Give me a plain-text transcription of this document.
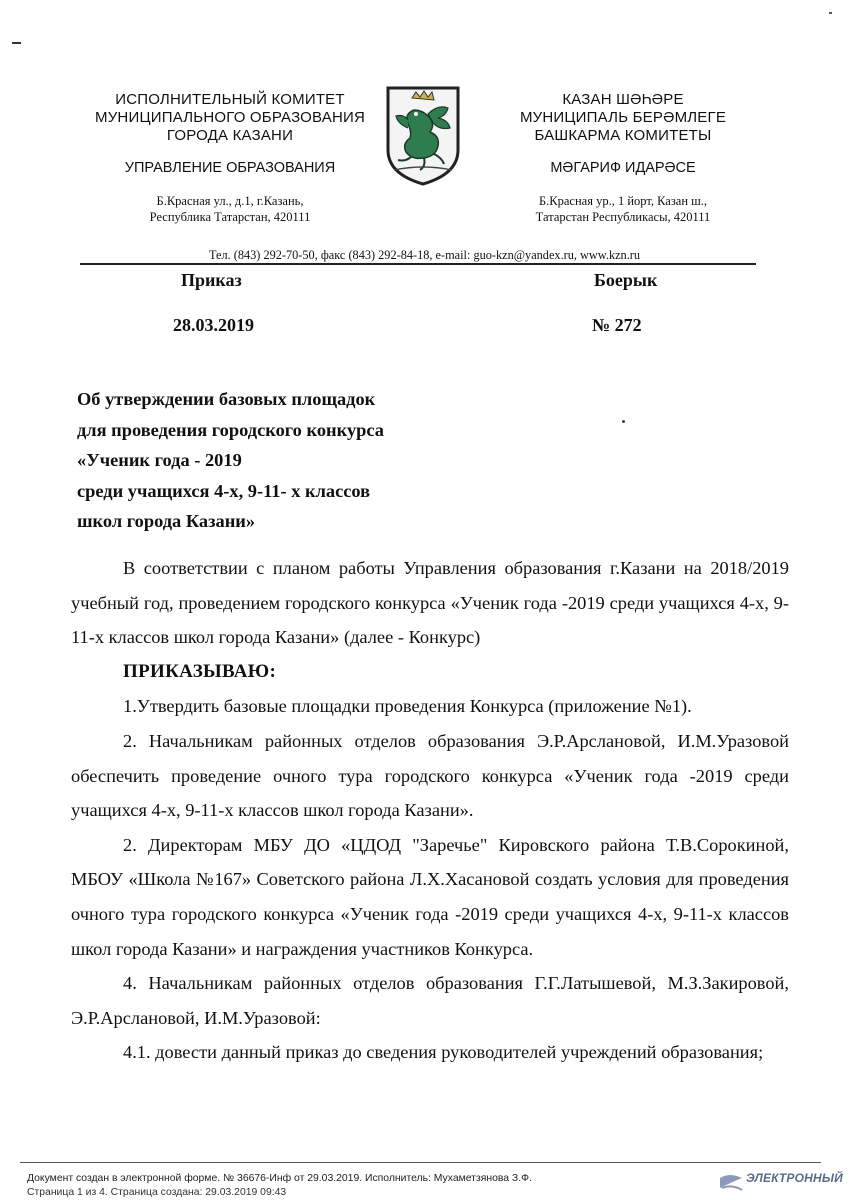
ИСПОЛНИТЕЛЬНЫЙ КОМИТЕТ
МУНИЦИПАЛЬНОГО ОБРАЗОВАНИЯ
ГОРОДА КАЗАНИ
УПРАВЛЕНИЕ ОБРАЗОВАНИЯ
Б.Красная ул., д.1, г.Казань,
Республика Татарстан, 420111
КАЗАН ШӘҺӘРЕ
МУНИЦИПАЛЬ БЕРӘМЛЕГЕ
БАШКАРМА КОМИТЕТЫ
МӘГАРИФ ИДАРӘСЕ
Б.Красная ур., 1 йорт, Казан ш.,
Татарстан Республикасы, 420111
Тел. (843) 292-70-50, факс (843) 292-84-18, e-mail: guo-kzn@yandex.ru, www.kzn.ru
Приказ	Боерык
28.03.2019	№ 272
Об утверждении базовых площадок
для проведения городского конкурса
«Ученик года - 2019
среди учащихся 4-х, 9-11- х классов
школ города Казани»

В соответствии с планом работы Управления образования г.Казани на 2018/2019 учебный год, проведением городского конкурса «Ученик года -2019 среди учащихся 4-х, 9-11-х классов школ города Казани» (далее - Конкурс)

ПРИКАЗЫВАЮ:

1.Утвердить базовые площадки проведения Конкурса (приложение №1).

2. Начальникам районных отделов образования Э.Р.Арслановой, И.М.Уразовой обеспечить проведение очного тура городского конкурса «Ученик года -2019 среди учащихся 4-х, 9-11-х классов школ города Казани».

2. Директорам МБУ ДО «ЦДОД "Заречье" Кировского района Т.В.Сорокиной, МБОУ «Школа №167» Советского района Л.Х.Хасановой создать условия для проведения очного тура городского конкурса «Ученик года -2019 среди учащихся 4-х, 9-11-х классов школ города Казани» и награждения участников Конкурса.

4. Начальникам районных отделов образования Г.Г.Латышевой, М.З.Закировой, Э.Р.Арслановой, И.М.Уразовой:

4.1. довести данный приказ до сведения руководителей учреждений образования;

Документ создан в электронной форме. № 36676-Инф от 29.03.2019. Исполнитель: Мухаметзянова З.Ф.
Страница 1 из 4. Страница создана: 29.03.2019 09:43
ЭЛЕКТРОННЫЙ
